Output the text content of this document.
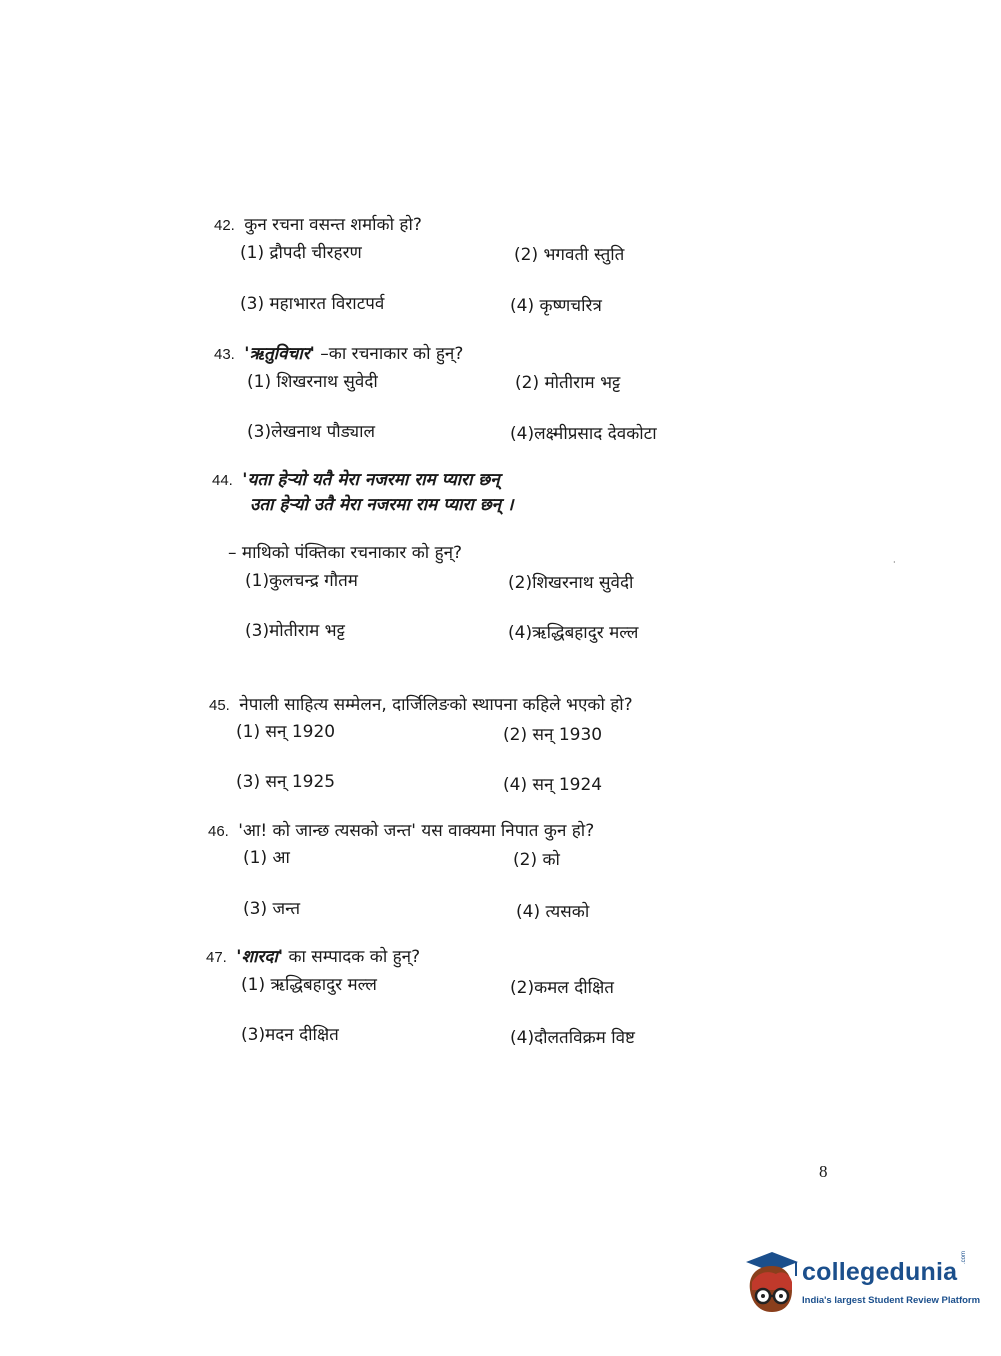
42. कुन रचना वसन्त शर्माको हो?
(1) द्रौपदी चीरहरण	(2) भगवती स्तुति
(3) महाभारत विराटपर्व	(4) कृष्णचरित्र
43. 'ऋतुविचार' –का रचनाकार को हुन्?
(1) शिखरनाथ सुवेदी	(2) मोतीराम भट्ट
(3)लेखनाथ पौड्याल	(4)लक्ष्मीप्रसाद देवकोटा
44. 'यता हेर्‍यो यतै मेरा नजरमा राम प्यारा छन्
उता हेर्‍यो उतै मेरा नजरमा राम प्यारा छन् ।
– माथिको पंक्तिका रचनाकार को हुन्?
(1)कुलचन्द्र गौतम	(2)शिखरनाथ सुवेदी
(3)मोतीराम भट्ट	(4)ऋद्धिबहादुर मल्ल
45. नेपाली साहित्य सम्मेलन, दार्जिलिङको स्थापना कहिले भएको हो?
(1) सन् 1920	(2) सन् 1930
(3) सन् 1925	(4) सन् 1924
46. 'आ! को जान्छ त्यसको जन्त' यस वाक्यमा निपात कुन हो?
(1) आ	(2) को
(3) जन्त	(4) त्यसको
47. 'शारदा' का सम्पादक को हुन्?
(1) ऋद्धिबहादुर मल्ल	(2)कमल दीक्षित
(3)मदन दीक्षित	(4)दौलतविक्रम विष्ट
·
8
collegedunia
.com
India's largest Student Review Platform
